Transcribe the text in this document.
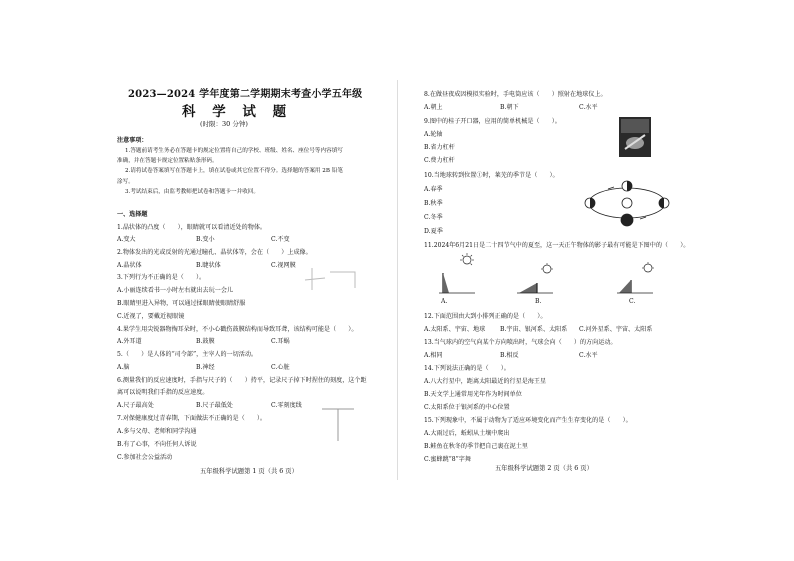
2023—2024 学年度第二学期期末考查小学五年级
科 学 试 题
(时限：30 分钟)
注意事项：
1.答题前请考生务必在答题卡的规定位置将自己的学校、班级、姓名、座位号等内容填写
准确，并在答题卡规定位置粘贴条形码。
2.请将试卷答案填写在答题卡上，填在试卷或其它位置不得分。选择题的答案用 2B 铅笔
涂写。
3.考试结束后，由监考教师把试卷和答题卡一并收回。
一、选择题
1.晶状体的凸度（　　），眼睛就可以看清近处的物体。
A.变大	B.变小	C.不变
2.物体发出的光或反射的光通过瞳孔、晶状体等，会在（　　）上成像。
A.晶状体	B.睫状体	C.视网膜
3.下列行为不正确的是（　　）。
A.小丽连续看书一小时左右就出去玩一会儿
B.眼睛里进入异物，可以通过揉眼睛使眼睛舒服
C.近视了，要戴近视眼镜
4.果学生用尖锐器物掏耳朵时，不小心戳伤鼓膜结构而导致耳聋，该结构可能是（　　）。
A.外耳道	B.鼓膜	C.耳蜗
5.（　　）是人体的“司令部”，主宰人的一切活动。
A.脑	B.神经	C.心脏
6.测量我们的反应速度时，手指与尺子的（　　）持平，记录尺子掉下时捏住的刻度，这个距
离可以说明我们手指的反应速度。
A.尺子最高处	B.尺子最低处	C.零刻度线
7.对保健康度过青春期，下面做法不正确的是（　　）。
A.多与父母、老师和同学沟通
B.有了心事，不向任何人诉说
C.参加社会公益活动
五年级科学试题第 1 页（共 6 页）
8.在做昼夜成因模拟实验时，手电筒应该（　　）照射在地球仪上。
A.朝上	B.朝下	C.水平
9.图中的桂子开口器，应用的简单机械是（　　）。
A.轮轴
B.省力杠杆
C.费力杠杆
10.当地球转到位置①时，莱芜的季节是（　　）。
A.春季
B.秋季
C.冬季
D.夏季
11.2024年6月21日是二十四节气中的夏至，这一天正午物体的影子最有可能是下图中的（　　）。
A.	B.	C.
12.下面范围由大到小排列正确的是（　　）。
A.太阳系、宇宙、地球 B.宇宙、银河系、太阳系 C.河外星系、宇宙、太阳系
13.当气球内的空气向某个方向喷出时，气球会向（　　）的方向运动。
A.相同	B.相反	C.水平
14.下列说法正确的是（　　）。
A.八大行星中，距离太阳最近的行星是海王星
B.天文学上通常用光年作为时间单位
C.太阳系位于银河系的中心位置
15.下列现象中，不属于动物为了适应环境变化而产生生存变化的是（　　）。
A.大雨过后，蚯蚓从土壤中爬出
B.鲑鱼在秋冬的季节把自己裹在泥土里
C.蜜蜂跳“8”字舞
五年级科学试题第 2 页（共 6 页）
